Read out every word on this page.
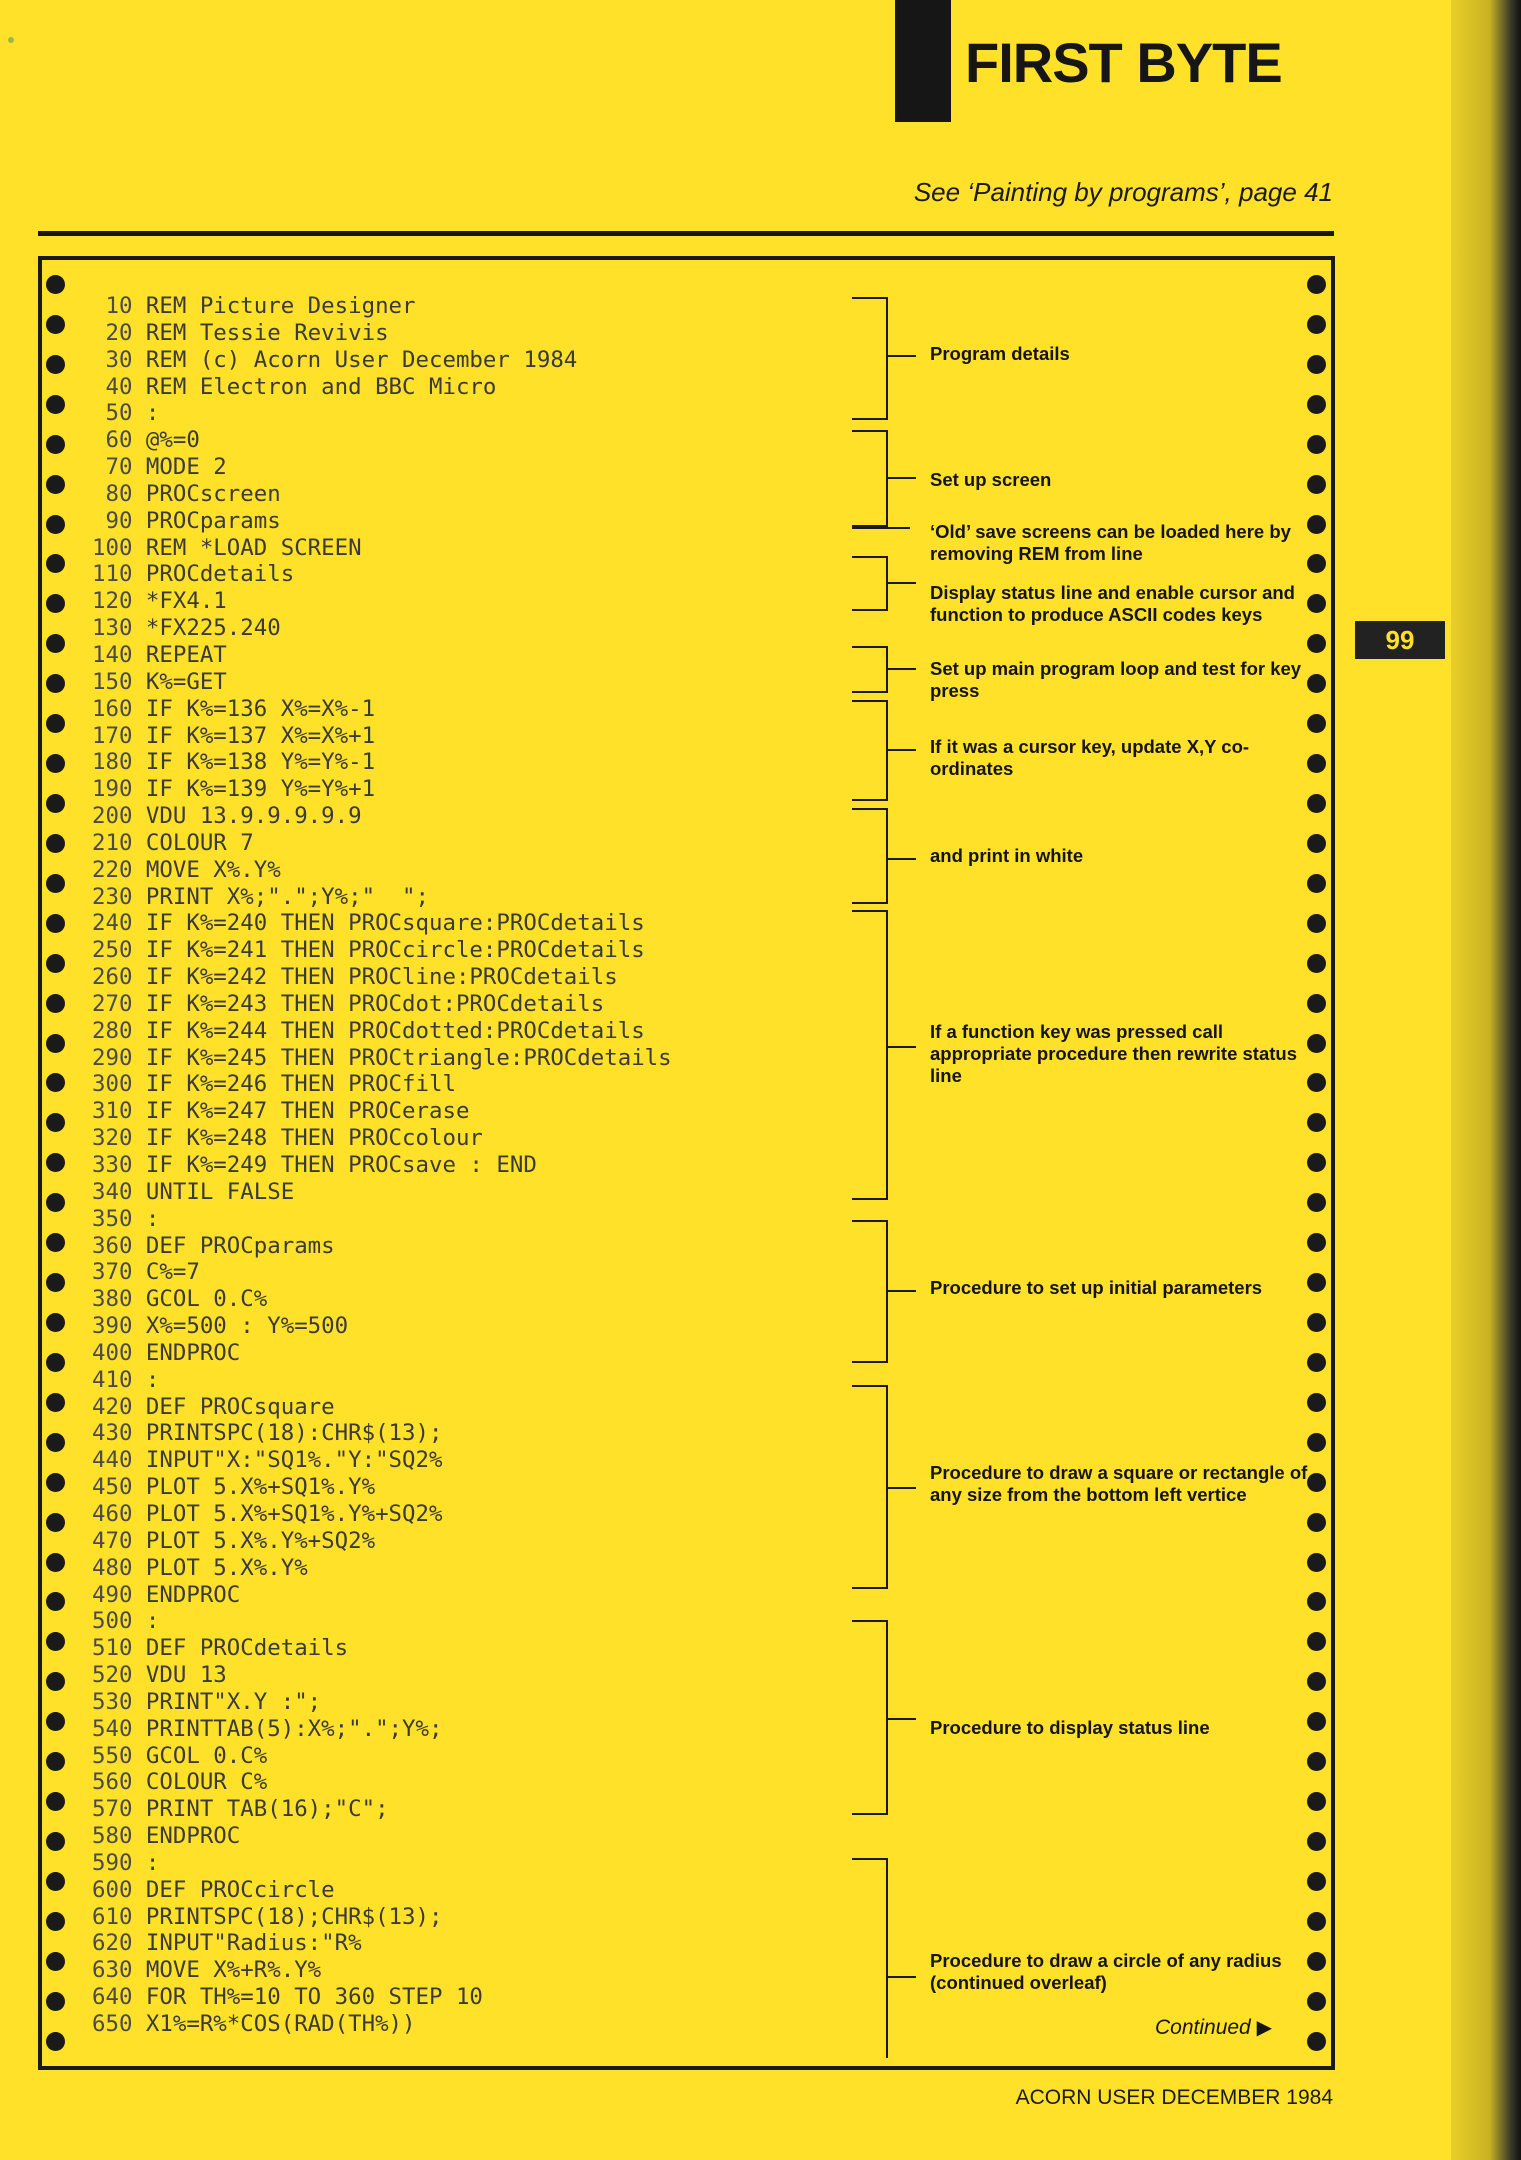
FIRST BYTE
See ‘Painting by programs’, page 41
99
10 REM Picture Designer
20 REM Tessie Revivis
30 REM (c) Acorn User December 1984
40 REM Electron and BBC Micro
50 :
60 @%=0
70 MODE 2
80 PROCscreen
90 PROCparams
100 REM *LOAD SCREEN
110 PROCdetails
120 *FX4.1
130 *FX225.240
140 REPEAT
150 K%=GET
160 IF K%=136 X%=X%-1
170 IF K%=137 X%=X%+1
180 IF K%=138 Y%=Y%-1
190 IF K%=139 Y%=Y%+1
200 VDU 13.9.9.9.9.9
210 COLOUR 7
220 MOVE X%.Y%
230 PRINT X%;".";Y%;"  ";
240 IF K%=240 THEN PROCsquare:PROCdetails
250 IF K%=241 THEN PROCcircle:PROCdetails
260 IF K%=242 THEN PROCline:PROCdetails
270 IF K%=243 THEN PROCdot:PROCdetails
280 IF K%=244 THEN PROCdotted:PROCdetails
290 IF K%=245 THEN PROCtriangle:PROCdetails
300 IF K%=246 THEN PROCfill
310 IF K%=247 THEN PROCerase
320 IF K%=248 THEN PROCcolour
330 IF K%=249 THEN PROCsave : END
340 UNTIL FALSE
350 :
360 DEF PROCparams
370 C%=7
380 GCOL 0.C%
390 X%=500 : Y%=500
400 ENDPROC
410 :
420 DEF PROCsquare
430 PRINTSPC(18):CHR$(13);
440 INPUT"X:"SQ1%."Y:"SQ2%
450 PLOT 5.X%+SQ1%.Y%
460 PLOT 5.X%+SQ1%.Y%+SQ2%
470 PLOT 5.X%.Y%+SQ2%
480 PLOT 5.X%.Y%
490 ENDPROC
500 :
510 DEF PROCdetails
520 VDU 13
530 PRINT"X.Y :";
540 PRINTTAB(5):X%;".";Y%;
550 GCOL 0.C%
560 COLOUR C%
570 PRINT TAB(16);"C";
580 ENDPROC
590 :
600 DEF PROCcircle
610 PRINTSPC(18);CHR$(13);
620 INPUT"Radius:"R%
630 MOVE X%+R%.Y%
640 FOR TH%=10 TO 360 STEP 10
650 X1%=R%*COS(RAD(TH%))
Program details
Set up screen
‘Old’ save screens can be loaded here by removing REM from line
Display status line and enable cursor and function to produce ASCII codes keys
Set up main program loop and test for key press
If it was a cursor key, update X,Y co-ordinates
and print in white
If a function key was pressed call appropriate procedure then rewrite status line
Procedure to set up initial parameters
Procedure to draw a square or rectangle of any size from the bottom left vertice
Procedure to display status line
Procedure to draw a circle of any radius (continued overleaf)
Continued ▶
ACORN USER DECEMBER 1984
